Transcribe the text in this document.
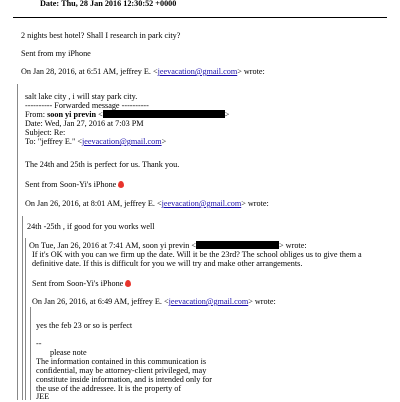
Date: Thu, 28 Jan 2016 12:30:52 +0000
2 nights best hotel? Shall I research in park city?
Sent from my iPhone
On Jan 28, 2016, at 6:51 AM, jeffrey E. <jeevacation@gmail.com> wrote:
salt lake city , i will stay park city.
---------- Forwarded message ----------
From: soon yi previn <	>
Date: Wed, Jan 27, 2016 at 7:03 PM
Subject: Re:
To: "jeffrey E." <jeevacation@gmail.com>
The 24th and 25th is perfect for us. Thank you.
Sent from Soon-Yi's iPhone
On Jan 26, 2016, at 8:01 AM, jeffrey E. <jeevacation@gmail.com> wrote:
24th -25th , if good for you works well
On Tue, Jan 26, 2016 at 7:41 AM, soon yi previn <	> wrote:
If it's OK with you can we firm up the date. Will it be the 23rd? The school obliges us to give them a
definitive date. If this is difficult for you we will try and make other arrangements.
Sent from Soon-Yi's iPhone
On Jan 26, 2016, at 6:49 AM, jeffrey E. <jeevacation@gmail.com> wrote:
yes the feb 23 or so is perfect
--
please note
The information contained in this communication is
confidential, may be attorney-client privileged, may
constitute inside information, and is intended only for
the use of the addressee. It is the property of
JEE
